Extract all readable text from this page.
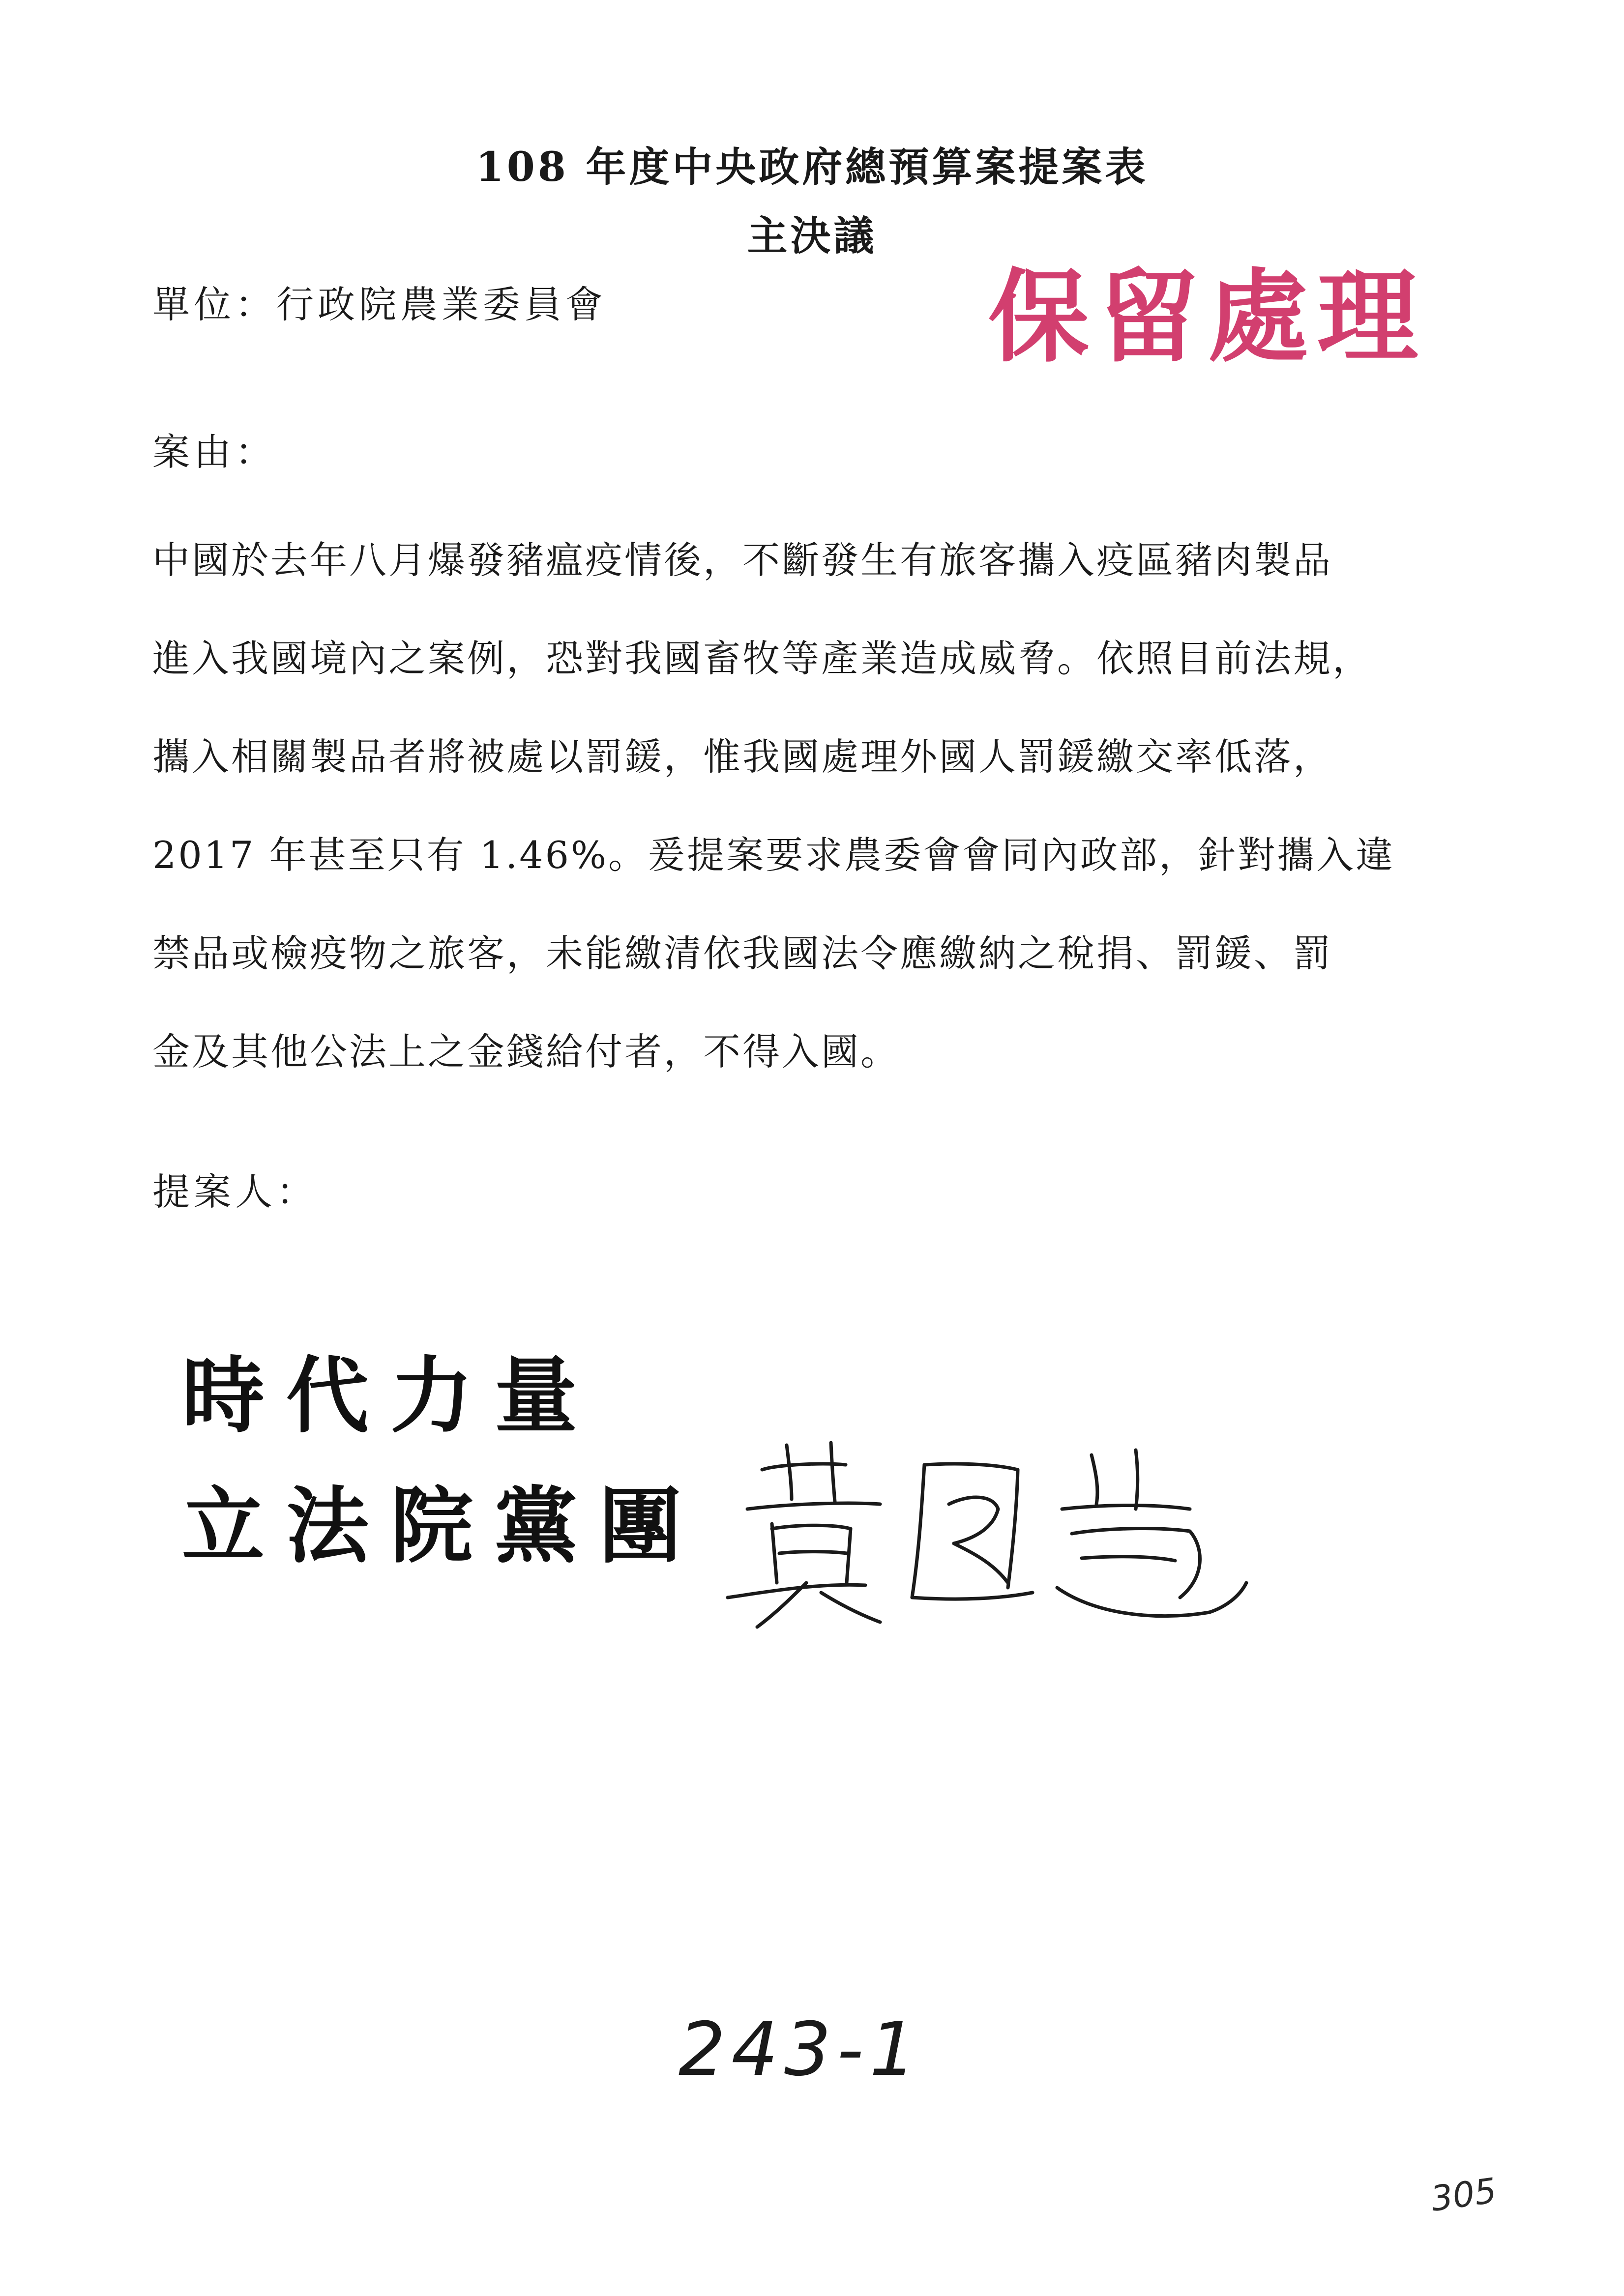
108 年度中央政府總預算案提案表
主決議
單位：行政院農業委員會	保留處理
案由：

中國於去年八月爆發豬瘟疫情後，不斷發生有旅客攜入疫區豬肉製品

進入我國境內之案例，恐對我國畜牧等產業造成威脅。依照目前法規，

攜入相關製品者將被處以罰鍰，惟我國處理外國人罰鍰繳交率低落，

2017 年甚至只有 1.46%。爰提案要求農委會會同內政部，針對攜入違

禁品或檢疫物之旅客，未能繳清依我國法令應繳納之稅捐、罰鍰、罰

金及其他公法上之金錢給付者，不得入國。

提案人：
時代力量
立法院黨團
243-1
305
